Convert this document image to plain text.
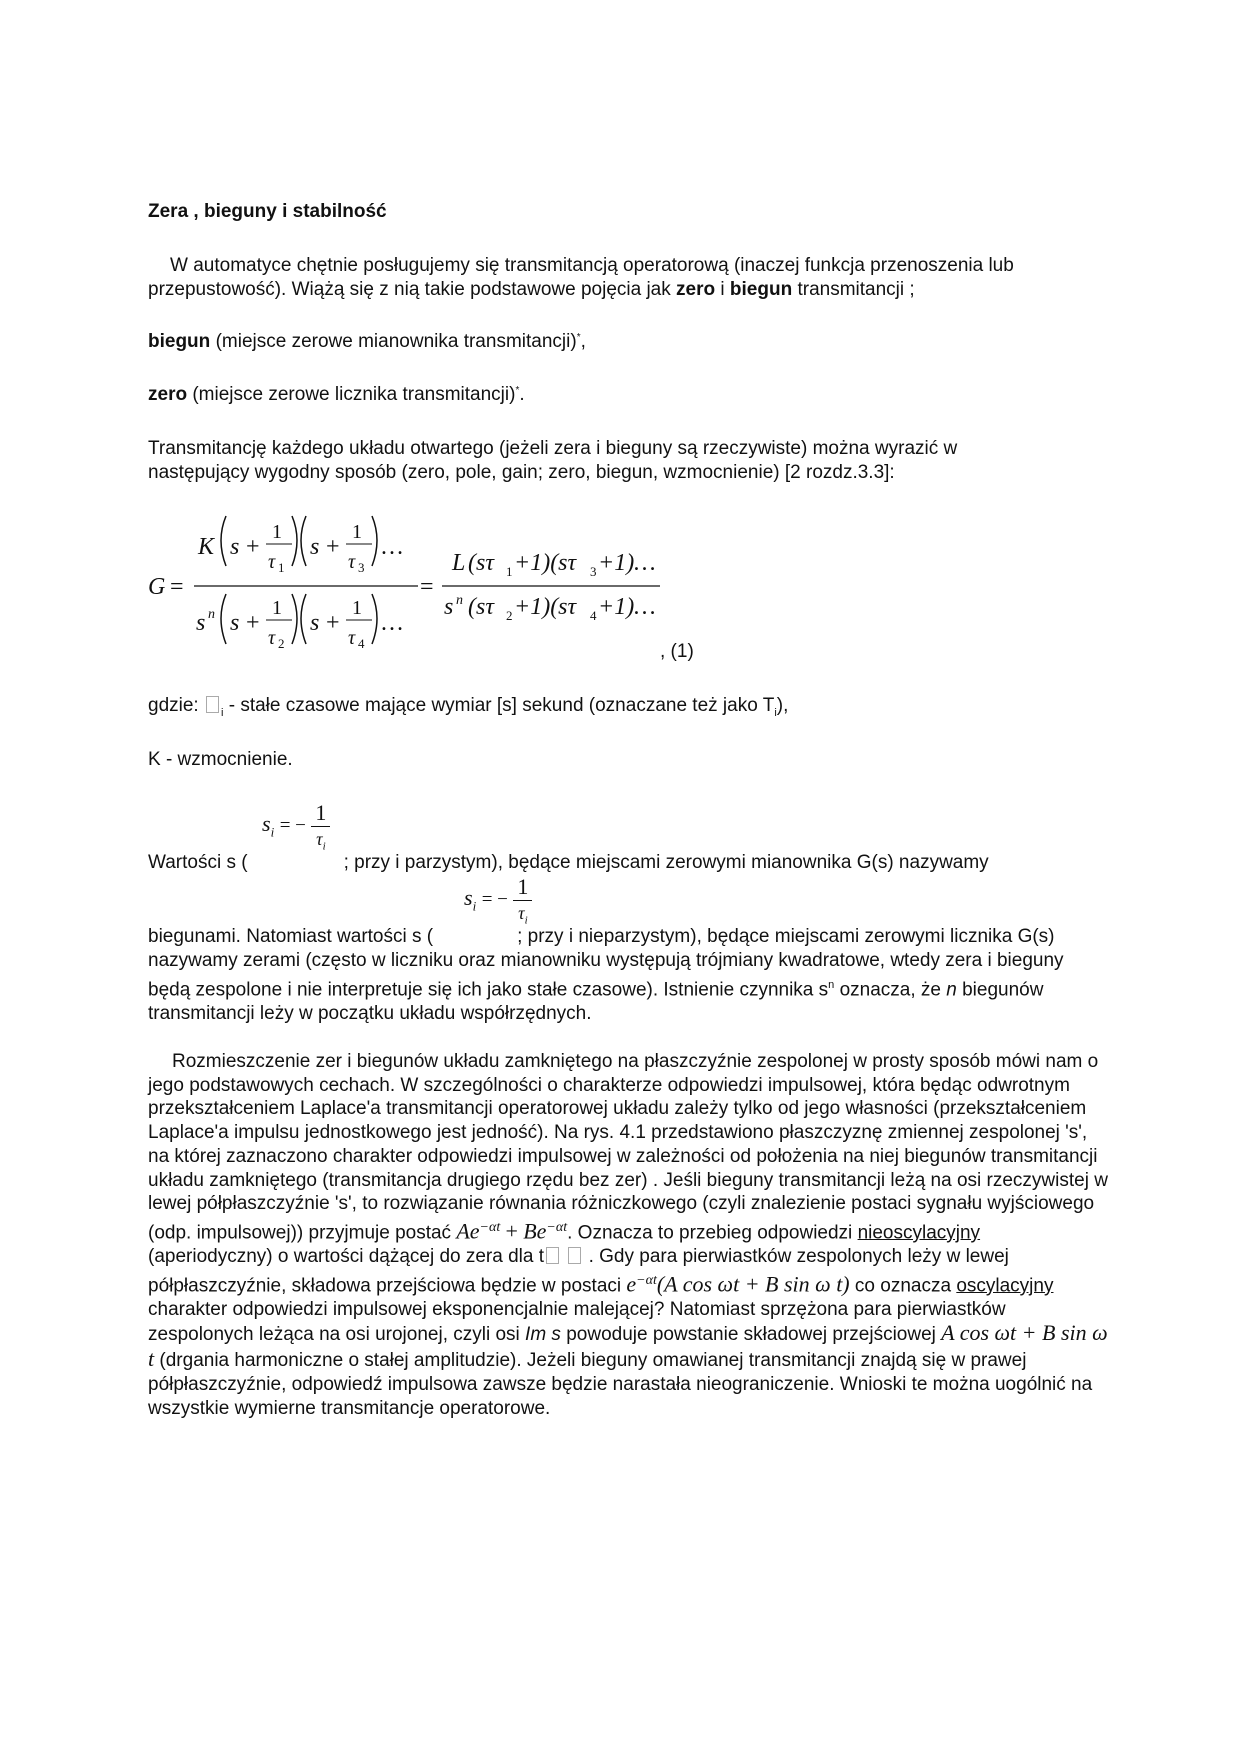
Zera , bieguny i stabilność

W automatyce chętnie posługujemy się transmitancją operatorową (inaczej funkcja przenoszenia lub przepustowość). Wiążą się z nią takie podstawowe pojęcia jak zero i biegun transmitancji ;

biegun (miejsce zerowe mianownika transmitancji)*,

zero (miejsce zerowe licznika transmitancji)*.

Transmitancję każdego układu otwartego (jeżeli zera i bieguny są rzeczywiste) można wyrazić w następujący wygodny sposób (zero, pole, gain; zero, biegun, wzmocnienie) [2 rozdz.3.3]:

G =
K s +
1
τ 1
s +
1
τ 3
…
s n s +
1
τ 2
s +
1
τ 4
…
=
L (sτ 1 +1)(sτ 3 +1)…
s n (sτ 2 +1)(sτ 4 +1)…
, (1)

gdzie: $_i$ - stałe czasowe mające wymiar [s] sekund (oznaczane też jako $T_i$),

K - wzmocnienie.

$s_i$ = −
1
$\tau_i$

Wartości s (	; przy i parzystym), będące miejscami zerowymi mianownika G(s) nazywamy

$s_i$ = −
1
$\tau_i$

biegunami. Natomiast wartości s (	; przy i nieparzystym), będące miejscami zerowymi licznika G(s) nazywamy zerami (często w liczniku oraz mianowniku występują trójmiany kwadratowe, wtedy zera i bieguny będą zespolone i nie interpretuje się ich jako stałe czasowe). Istnienie czynnika $s^n$ oznacza, że n biegunów transmitancji leży w początku układu współrzędnych.

Rozmieszczenie zer i biegunów układu zamkniętego na płaszczyźnie zespolonej w prosty sposób mówi nam o jego podstawowych cechach. W szczególności o charakterze odpowiedzi impulsowej, która będąc odwrotnym przekształceniem Laplace'a transmitancji operatorowej układu zależy tylko od jego własności (przekształceniem Laplace'a impulsu jednostkowego jest jedność). Na rys. 4.1 przedstawiono płaszczyznę zmiennej zespolonej 's', na której zaznaczono charakter odpowiedzi impulsowej w zależności od położenia na niej biegunów transmitancji układu zamkniętego (transmitancja drugiego rzędu bez zer) . Jeśli bieguny transmitancji leżą na osi rzeczywistej w lewej półpłaszczyźnie 's', to rozwiązanie równania różniczkowego (czyli znalezienie postaci sygnału wyjściowego (odp. impulsowej)) przyjmuje postać $Ae^{-\alpha t} + Be^{-\alpha t}$. Oznacza to przebieg odpowiedzi nieoscylacyjny (aperiodyczny) o wartości dążącej do zera dla t . Gdy para pierwiastków zespolonych leży w lewej półpłaszczyźnie, składowa przejściowa będzie w postaci $e^{-\alpha t}(A$ cos ωt + B sin ω t) co oznacza oscylacyjny charakter odpowiedzi impulsowej eksponencjalnie malejącej? Natomiast sprzężona para pierwiastków zespolonych leżąca na osi urojonej, czyli osi Im s powoduje powstanie składowej przejściowej A cos ωt + B sin ω t (drgania harmoniczne o stałej amplitudzie). Jeżeli bieguny omawianej transmitancji znajdą się w prawej półpłaszczyźnie, odpowiedź impulsowa zawsze będzie narastała nieograniczenie. Wnioski te można uogólnić na wszystkie wymierne transmitancje operatorowe.
